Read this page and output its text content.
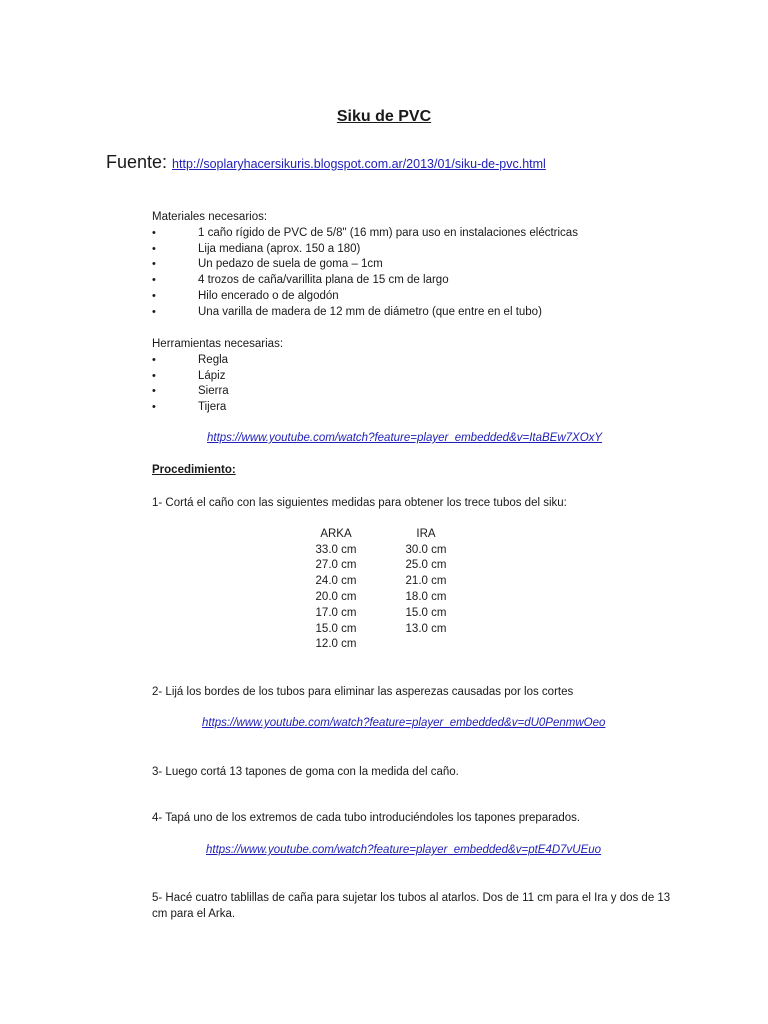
Siku de PVC
Fuente: http://soplaryhacersikuris.blogspot.com.ar/2013/01/siku-de-pvc.html
Materiales necesarios:
•	1 caño rígido de PVC de 5/8" (16 mm) para uso en instalaciones eléctricas
•	Lija mediana (aprox. 150 a 180)
•	Un pedazo de suela de goma – 1cm
•	4 trozos de caña/varillita plana de 15 cm de largo
•	Hilo encerado o de algodón
•	Una varilla de madera de 12 mm de diámetro (que entre en el tubo)
Herramientas necesarias:
•	Regla
•	Lápiz
•	Sierra
•	Tijera
https://www.youtube.com/watch?feature=player_embedded&v=ItaBEw7XOxY
Procedimiento:
1- Cortá el caño con las siguientes medidas para obtener los trece tubos del siku:
ARKA		IRA
33.0 cm		30.0 cm
27.0 cm		25.0 cm
24.0 cm		21.0 cm
20.0 cm		18.0 cm
17.0 cm		15.0 cm
15.0 cm		13.0 cm
12.0 cm		
2- Lijá los bordes de los tubos para eliminar las asperezas causadas por los cortes
https://www.youtube.com/watch?feature=player_embedded&v=dU0PenmwOeo
3- Luego cortá 13 tapones de goma con la medida del caño.
4- Tapá uno de los extremos de cada tubo introduciéndoles los tapones preparados.
https://www.youtube.com/watch?feature=player_embedded&v=ptE4D7vUEuo
5- Hacé cuatro tablillas de caña para sujetar los tubos al atarlos. Dos de 11 cm para el Ira y dos de 13
cm para el Arka.
